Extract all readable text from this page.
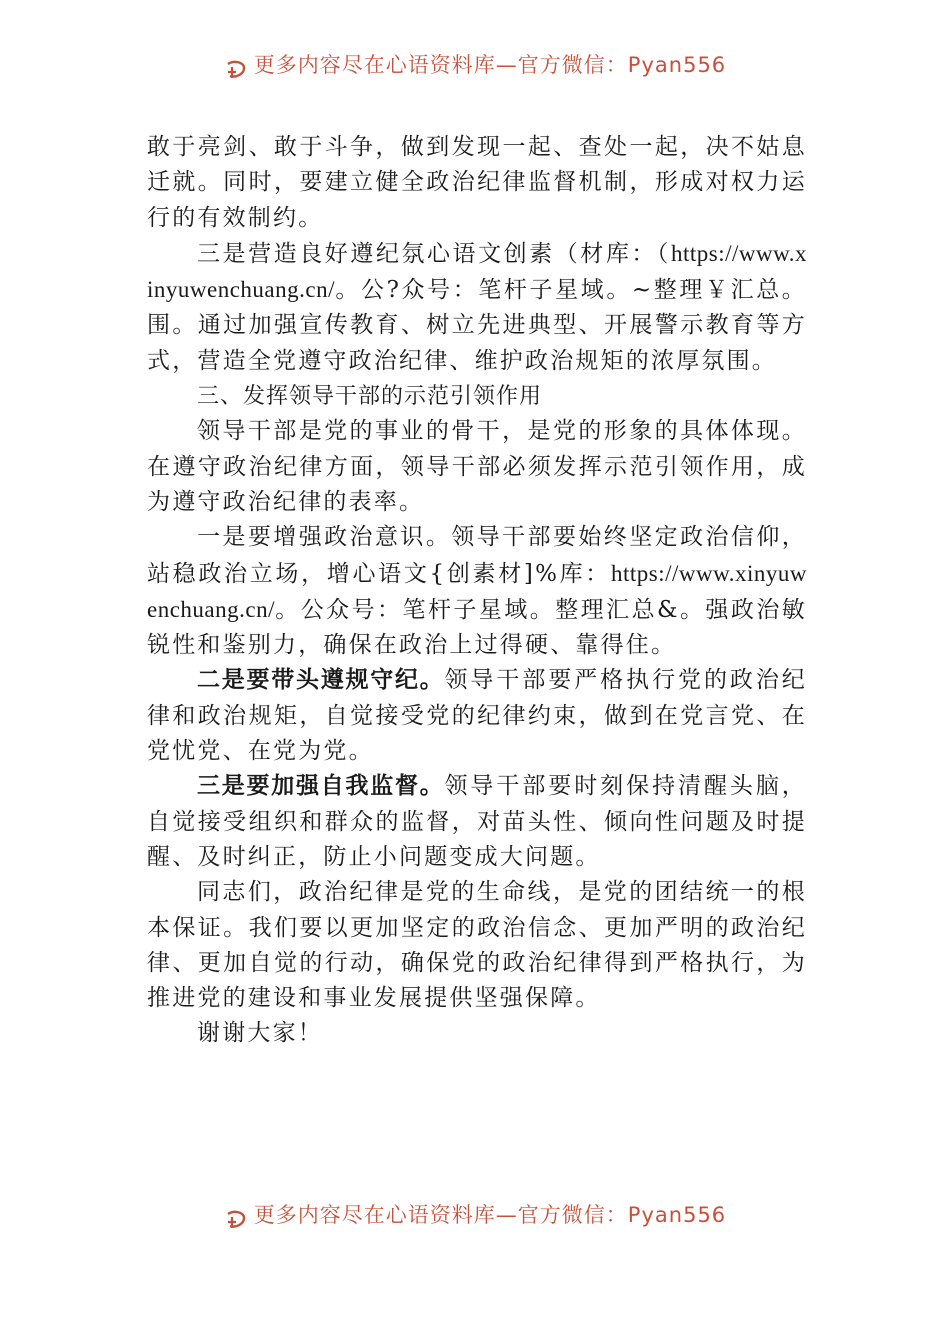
更多内容尽在心语资料库—官方微信：Pyan556

敢于亮剑、敢于斗争，做到发现一起、查处一起，决不姑息迁就。同时，要建立健全政治纪律监督机制，形成对权力运行的有效制约。

三是营造良好遵纪氛心语文创素（材库：（https://www.xinyuwenchuang.cn/。公?众号：笔杆子星域。~整理￥汇总。围。通过加强宣传教育、树立先进典型、开展警示教育等方式，营造全党遵守政治纪律、维护政治规矩的浓厚氛围。

三、发挥领导干部的示范引领作用

领导干部是党的事业的骨干，是党的形象的具体体现。在遵守政治纪律方面，领导干部必须发挥示范引领作用，成为遵守政治纪律的表率。

一是要增强政治意识。领导干部要始终坚定政治信仰，站稳政治立场，增心语文{创素材]%库：https://www.xinyuwenchuang.cn/。公众号：笔杆子星域。整理汇总&。强政治敏锐性和鉴别力，确保在政治上过得硬、靠得住。

二是要带头遵规守纪。领导干部要严格执行党的政治纪律和政治规矩，自觉接受党的纪律约束，做到在党言党、在党忧党、在党为党。

三是要加强自我监督。领导干部要时刻保持清醒头脑，自觉接受组织和群众的监督，对苗头性、倾向性问题及时提醒、及时纠正，防止小问题变成大问题。

同志们，政治纪律是党的生命线，是党的团结统一的根本保证。我们要以更加坚定的政治信念、更加严明的政治纪律、更加自觉的行动，确保党的政治纪律得到严格执行，为推进党的建设和事业发展提供坚强保障。

谢谢大家！

更多内容尽在心语资料库—官方微信：Pyan556
